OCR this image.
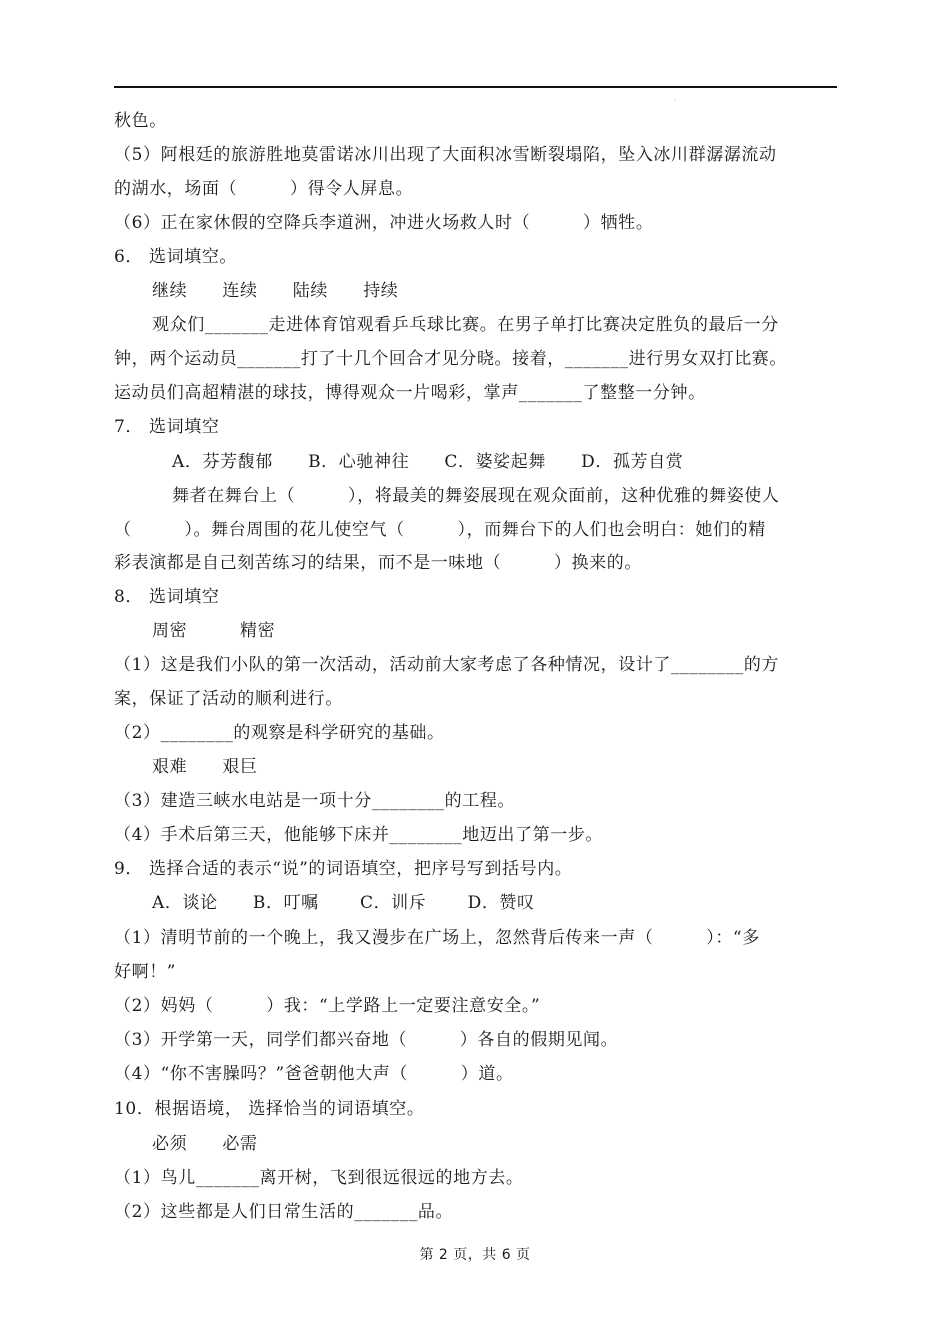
·
秋色。
（5）阿根廷的旅游胜地莫雷诺冰川出现了大面积冰雪断裂塌陷，坠入冰川群潺潺流动
的湖水，场面（　　　）得令人屏息。
（6）正在家休假的空降兵李道洲，冲进火场救人时（　　　）牺牲。
6． 选词填空。
继续　　连续　　陆续　　持续
观众们_______走进体育馆观看乒乓球比赛。在男子单打比赛决定胜负的最后一分
钟，两个运动员_______打了十几个回合才见分晓。接着，_______进行男女双打比赛。
运动员们高超精湛的球技，博得观众一片喝彩，掌声_______了整整一分钟。
7． 选词填空
A．芬芳馥郁　　B．心驰神往　　C．婆娑起舞　　D．孤芳自赏
舞者在舞台上（　　　），将最美的舞姿展现在观众面前，这种优雅的舞姿使人
（　　　）。舞台周围的花儿使空气（　　　），而舞台下的人们也会明白：她们的精
彩表演都是自己刻苦练习的结果，而不是一味地（　　　）换来的。
8． 选词填空
周密　　　精密
（1）这是我们小队的第一次活动，活动前大家考虑了各种情况，设计了________的方
案，保证了活动的顺利进行。
（2）________的观察是科学研究的基础。
艰难　　艰巨
（3）建造三峡水电站是一项十分________的工程。
（4）手术后第三天，他能够下床并________地迈出了第一步。
9． 选择合适的表示“说”的词语填空，把序号写到括号内。
A．谈论　　B．叮嘱　　 C．训斥　　 D．赞叹
（1）清明节前的一个晚上，我又漫步在广场上，忽然背后传来一声（　　　）：“多
好啊！”
（2）妈妈（　　　）我：“上学路上一定要注意安全。”
（3）开学第一天，同学们都兴奋地（　　　）各自的假期见闻。
（4）“你不害臊吗？”爸爸朝他大声（　　　）道。
10．根据语境， 选择恰当的词语填空。
必须　　必需
（1）鸟儿_______离开树，飞到很远很远的地方去。
（2）这些都是人们日常生活的_______品。
第 2 页，共 6 页
